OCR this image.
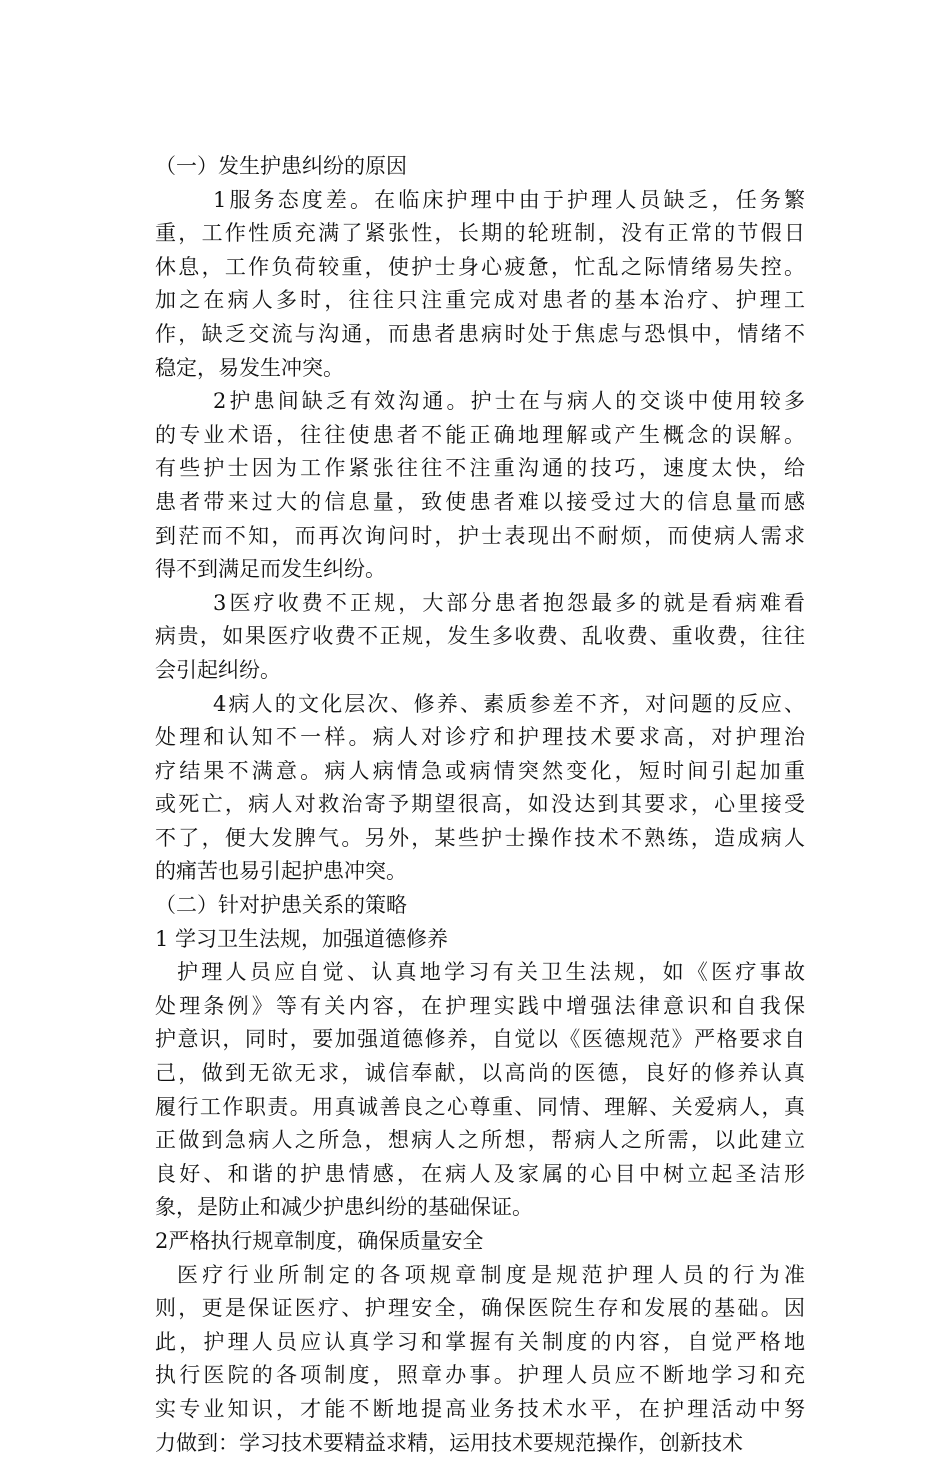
（一）发生护患纠纷的原因
1服务态度差。在临床护理中由于护理人员缺乏，任务繁
重，工作性质充满了紧张性，长期的轮班制，没有正常的节假日
休息，工作负荷较重，使护士身心疲惫，忙乱之际情绪易失控。
加之在病人多时，往往只注重完成对患者的基本治疗、护理工
作，缺乏交流与沟通，而患者患病时处于焦虑与恐惧中，情绪不
稳定，易发生冲突。
2护患间缺乏有效沟通。护士在与病人的交谈中使用较多
的专业术语，往往使患者不能正确地理解或产生概念的误解。
有些护士因为工作紧张往往不注重沟通的技巧，速度太快，给
患者带来过大的信息量，致使患者难以接受过大的信息量而感
到茫而不知，而再次询问时，护士表现出不耐烦，而使病人需求
得不到满足而发生纠纷。
3医疗收费不正规，大部分患者抱怨最多的就是看病难看
病贵，如果医疗收费不正规，发生多收费、乱收费、重收费，往往
会引起纠纷。
4病人的文化层次、修养、素质参差不齐，对问题的反应、
处理和认知不一样。病人对诊疗和护理技术要求高，对护理治
疗结果不满意。病人病情急或病情突然变化，短时间引起加重
或死亡，病人对救治寄予期望很高，如没达到其要求，心里接受
不了，便大发脾气。另外，某些护士操作技术不熟练，造成病人
的痛苦也易引起护患冲突。
（二）针对护患关系的策略
1 学习卫生法规，加强道德修养
护理人员应自觉、认真地学习有关卫生法规，如《医疗事故
处理条例》等有关内容，在护理实践中增强法律意识和自我保
护意识，同时，要加强道德修养，自觉以《医德规范》严格要求自
己，做到无欲无求，诚信奉献，以高尚的医德，良好的修养认真
履行工作职责。用真诚善良之心尊重、同情、理解、关爱病人，真
正做到急病人之所急，想病人之所想，帮病人之所需，以此建立
良好、和谐的护患情感，在病人及家属的心目中树立起圣洁形
象，是防止和减少护患纠纷的基础保证。
2严格执行规章制度，确保质量安全
医疗行业所制定的各项规章制度是规范护理人员的行为准
则，更是保证医疗、护理安全，确保医院生存和发展的基础。因
此，护理人员应认真学习和掌握有关制度的内容，自觉严格地
执行医院的各项制度，照章办事。护理人员应不断地学习和充
实专业知识，才能不断地提高业务技术水平，在护理活动中努
力做到：学习技术要精益求精，运用技术要规范操作，创新技术
